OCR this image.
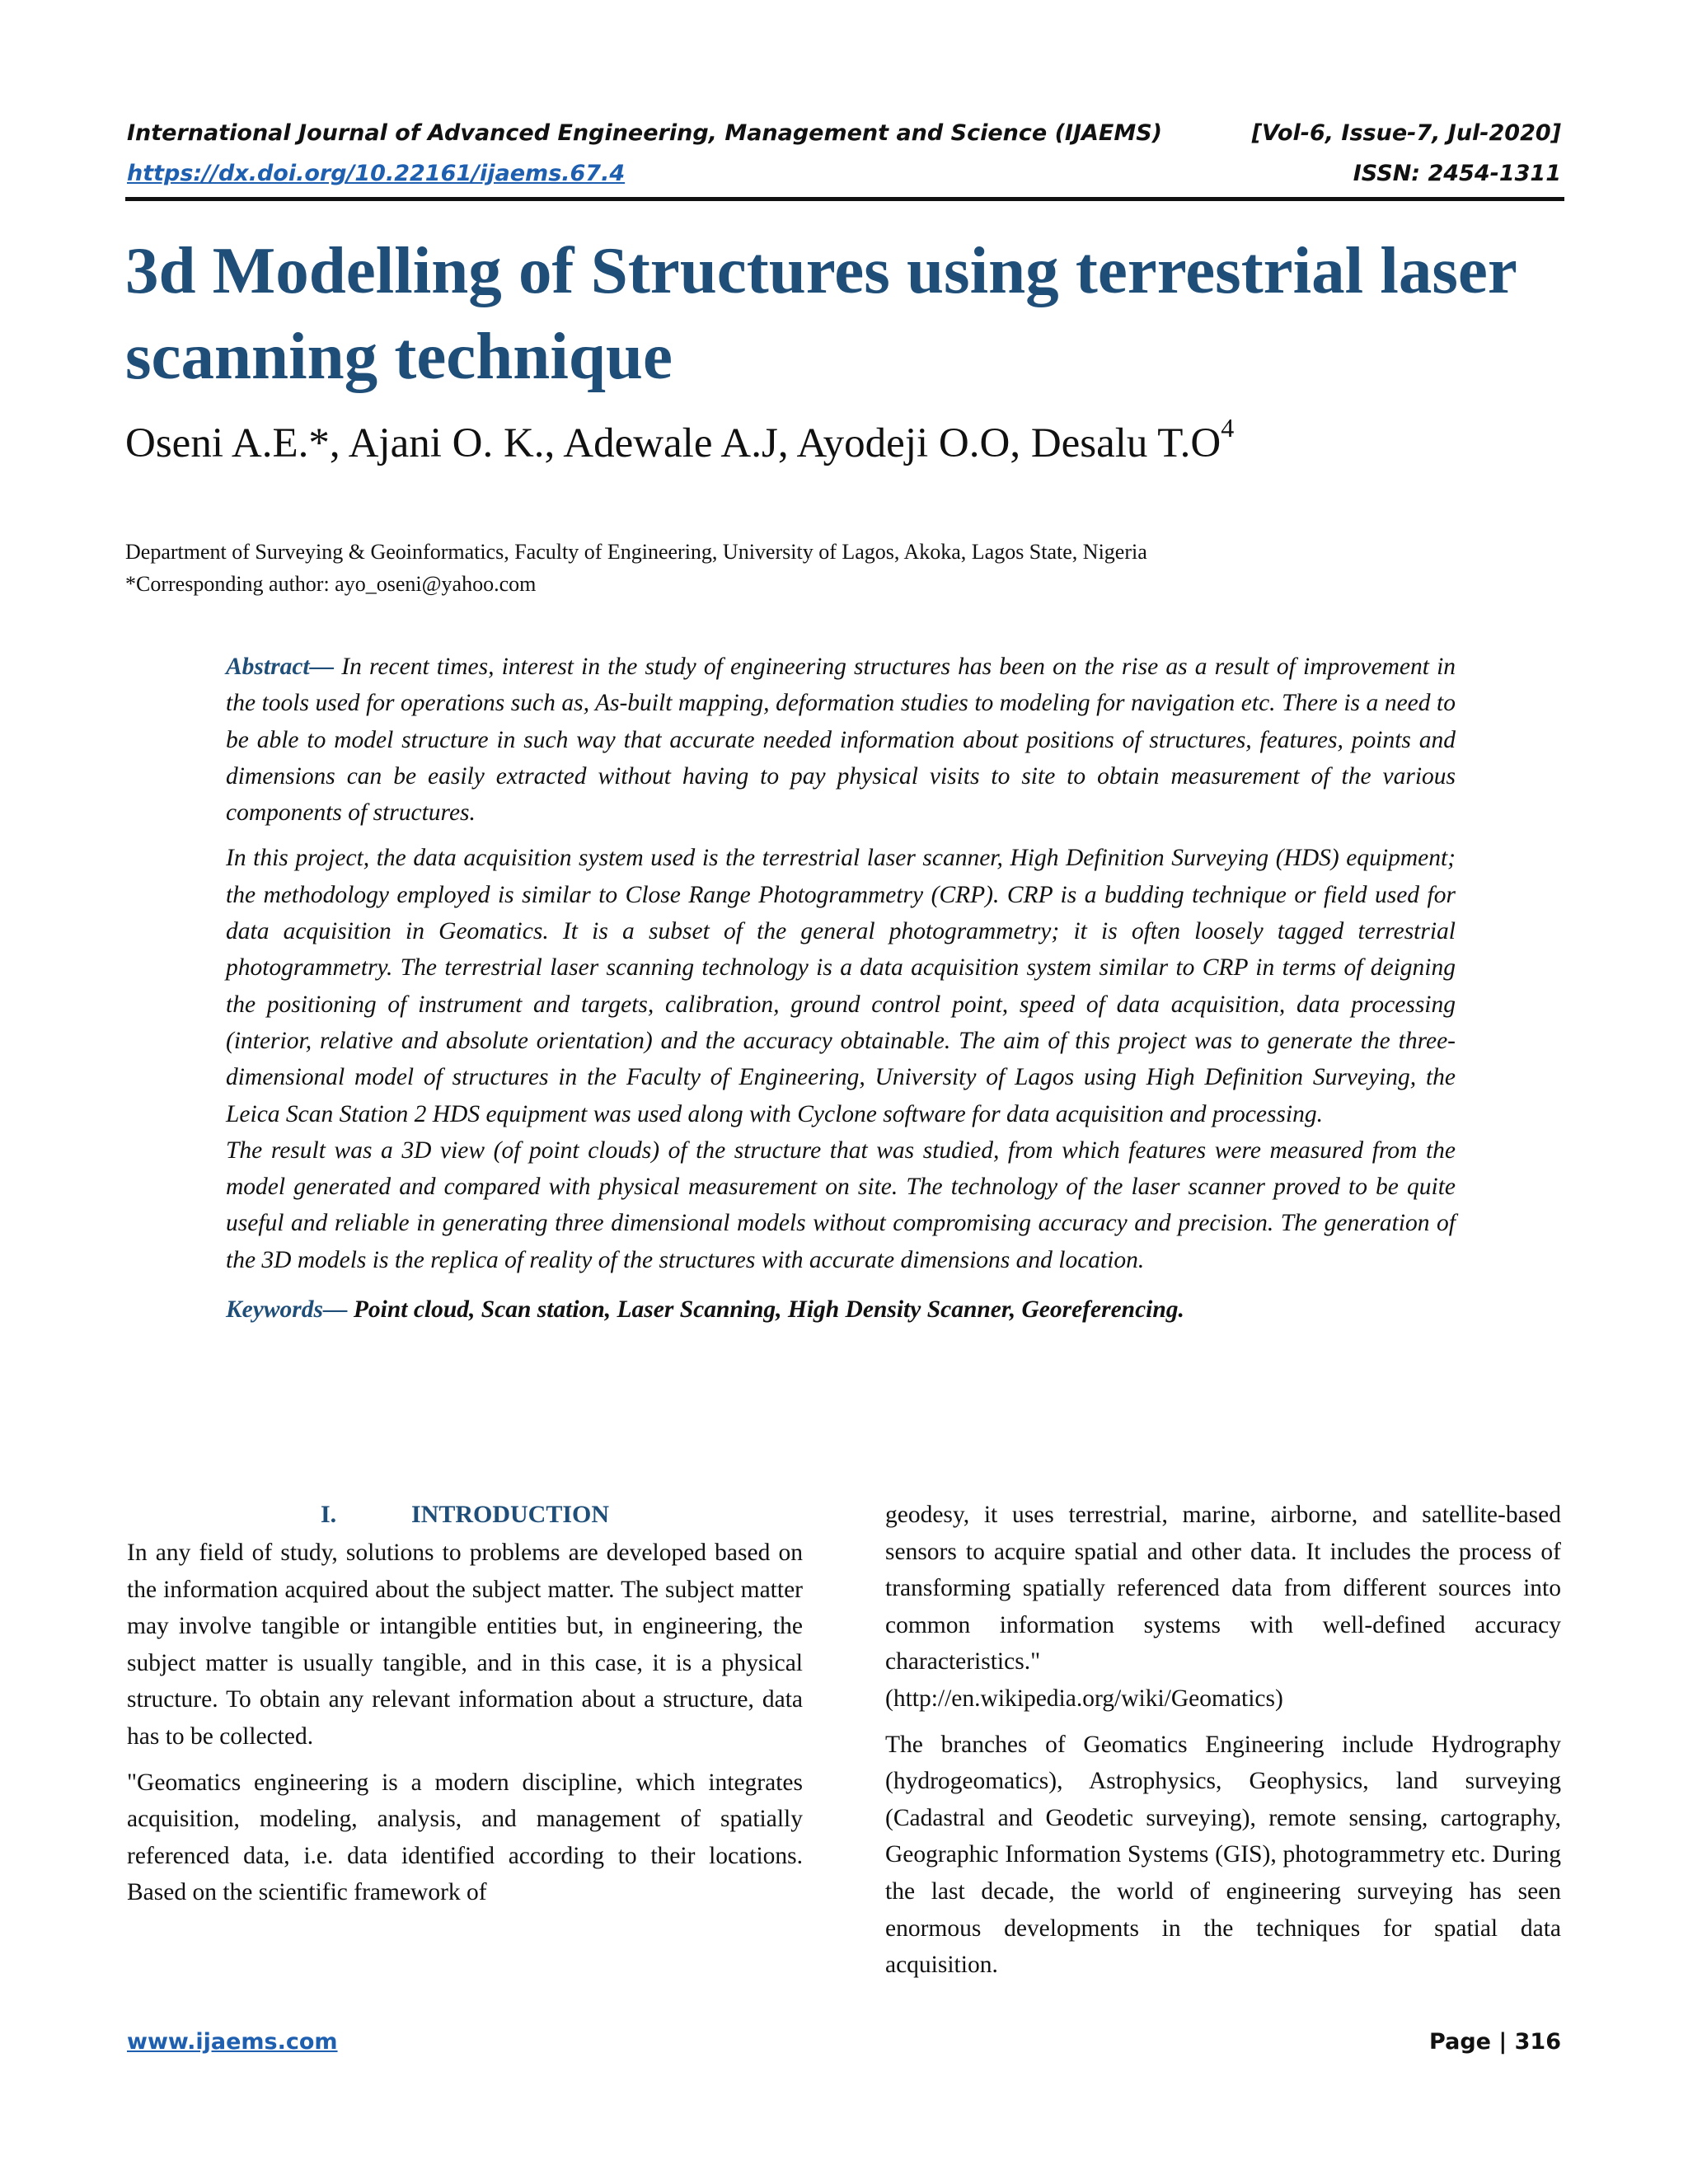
International Journal of Advanced Engineering, Management and Science (IJAEMS)	[Vol-6, Issue-7, Jul-2020]
https://dx.doi.org/10.22161/ijaems.67.4	ISSN: 2454-1311
3d Modelling of Structures using terrestrial laser scanning technique
Oseni A.E.*, Ajani O. K., Adewale A.J, Ayodeji O.O, Desalu $T.O^4$
Department of Surveying & Geoinformatics, Faculty of Engineering, University of Lagos, Akoka, Lagos State, Nigeria
*Corresponding author: ayo_oseni@yahoo.com

Abstract— In recent times, interest in the study of engineering structures has been on the rise as a result of improvement in the tools used for operations such as, As-built mapping, deformation studies to modeling for navigation etc. There is a need to be able to model structure in such way that accurate needed information about positions of structures, features, points and dimensions can be easily extracted without having to pay physical visits to site to obtain measurement of the various components of structures.

In this project, the data acquisition system used is the terrestrial laser scanner, High Definition Surveying (HDS) equipment; the methodology employed is similar to Close Range Photogrammetry (CRP). CRP is a budding technique or field used for data acquisition in Geomatics. It is a subset of the general photogrammetry; it is often loosely tagged terrestrial photogrammetry. The terrestrial laser scanning technology is a data acquisition system similar to CRP in terms of deigning the positioning of instrument and targets, calibration, ground control point, speed of data acquisition, data processing (interior, relative and absolute orientation) and the accuracy obtainable. The aim of this project was to generate the three-dimensional model of structures in the Faculty of Engineering, University of Lagos using High Definition Surveying, the Leica Scan Station 2 HDS equipment was used along with Cyclone software for data acquisition and processing.

The result was a 3D view (of point clouds) of the structure that was studied, from which features were measured from the model generated and compared with physical measurement on site. The technology of the laser scanner proved to be quite useful and reliable in generating three dimensional models without compromising accuracy and precision. The generation of the 3D models is the replica of reality of the structures with accurate dimensions and location.

Keywords— Point cloud, Scan station, Laser Scanning, High Density Scanner, Georeferencing.

I.	INTRODUCTION

In any field of study, solutions to problems are developed based on the information acquired about the subject matter. The subject matter may involve tangible or intangible entities but, in engineering, the subject matter is usually tangible, and in this case, it is a physical structure. To obtain any relevant information about a structure, data has to be collected.

"Geomatics engineering is a modern discipline, which integrates acquisition, modeling, analysis, and management of spatially referenced data, i.e. data identified according to their locations. Based on the scientific framework of

geodesy, it uses terrestrial, marine, airborne, and satellite-based sensors to acquire spatial and other data. It includes the process of transforming spatially referenced data from different sources into common information systems with well-defined accuracy characteristics."
(http://en.wikipedia.org/wiki/Geomatics)

The branches of Geomatics Engineering include Hydrography (hydrogeomatics), Astrophysics, Geophysics, land surveying (Cadastral and Geodetic surveying), remote sensing, cartography, Geographic Information Systems (GIS), photogrammetry etc. During the last decade, the world of engineering surveying has seen enormous developments in the techniques for spatial data acquisition.

www.ijaems.com	Page | 316
